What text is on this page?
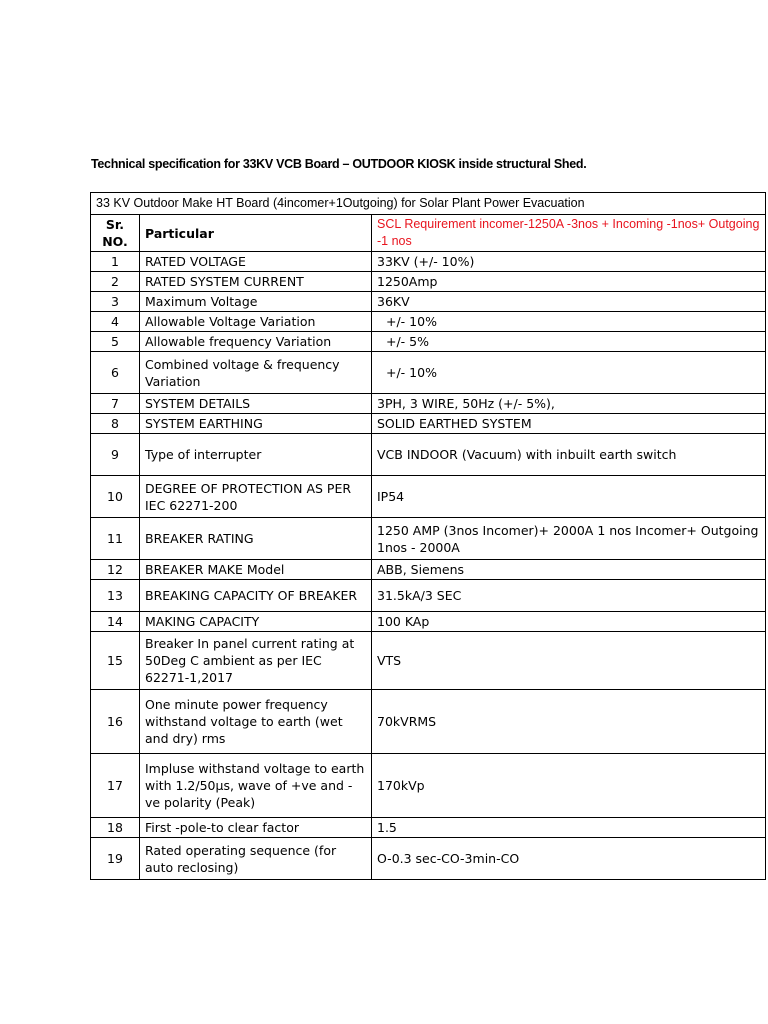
Technical specification for 33KV VCB Board – OUTDOOR KIOSK inside structural Shed.
33 KV Outdoor Make HT Board (4incomer+1Outgoing) for Solar Plant Power Evacuation		
Sr. NO.	Particular	SCL Requirement incomer-1250A -3nos + Incoming -1nos+ Outgoing -1 nos
1	RATED VOLTAGE	33KV (+/- 10%)
2	RATED SYSTEM CURRENT	1250Amp
3	Maximum Voltage	36KV
4	Allowable Voltage Variation	+/- 10%
5	Allowable frequency Variation	+/- 5%
6	Combined voltage & frequency Variation	+/- 10%
7	SYSTEM DETAILS	3PH, 3 WIRE, 50Hz (+/- 5%),
8	SYSTEM EARTHING	SOLID EARTHED SYSTEM
9	Type of interrupter	VCB INDOOR (Vacuum) with inbuilt earth switch
10	DEGREE OF PROTECTION AS PER IEC 62271-200	IP54
11	BREAKER RATING	1250 AMP (3nos Incomer)+ 2000A 1 nos Incomer+ Outgoing 1nos - 2000A
12	BREAKER MAKE Model	ABB, Siemens
13	BREAKING CAPACITY OF BREAKER	31.5kA/3 SEC
14	MAKING CAPACITY	100 KAp
15	Breaker In panel current rating at 50Deg C ambient as per IEC 62271-1,2017	VTS
16	One minute power frequency withstand voltage to earth (wet and dry) rms	70kVRMS
17	Impluse withstand voltage to earth with 1.2/50µs, wave of +ve and -ve polarity (Peak)	170kVp
18	First -pole-to clear factor	1.5
19	Rated operating sequence (for auto reclosing)	O-0.3 sec-CO-3min-CO
